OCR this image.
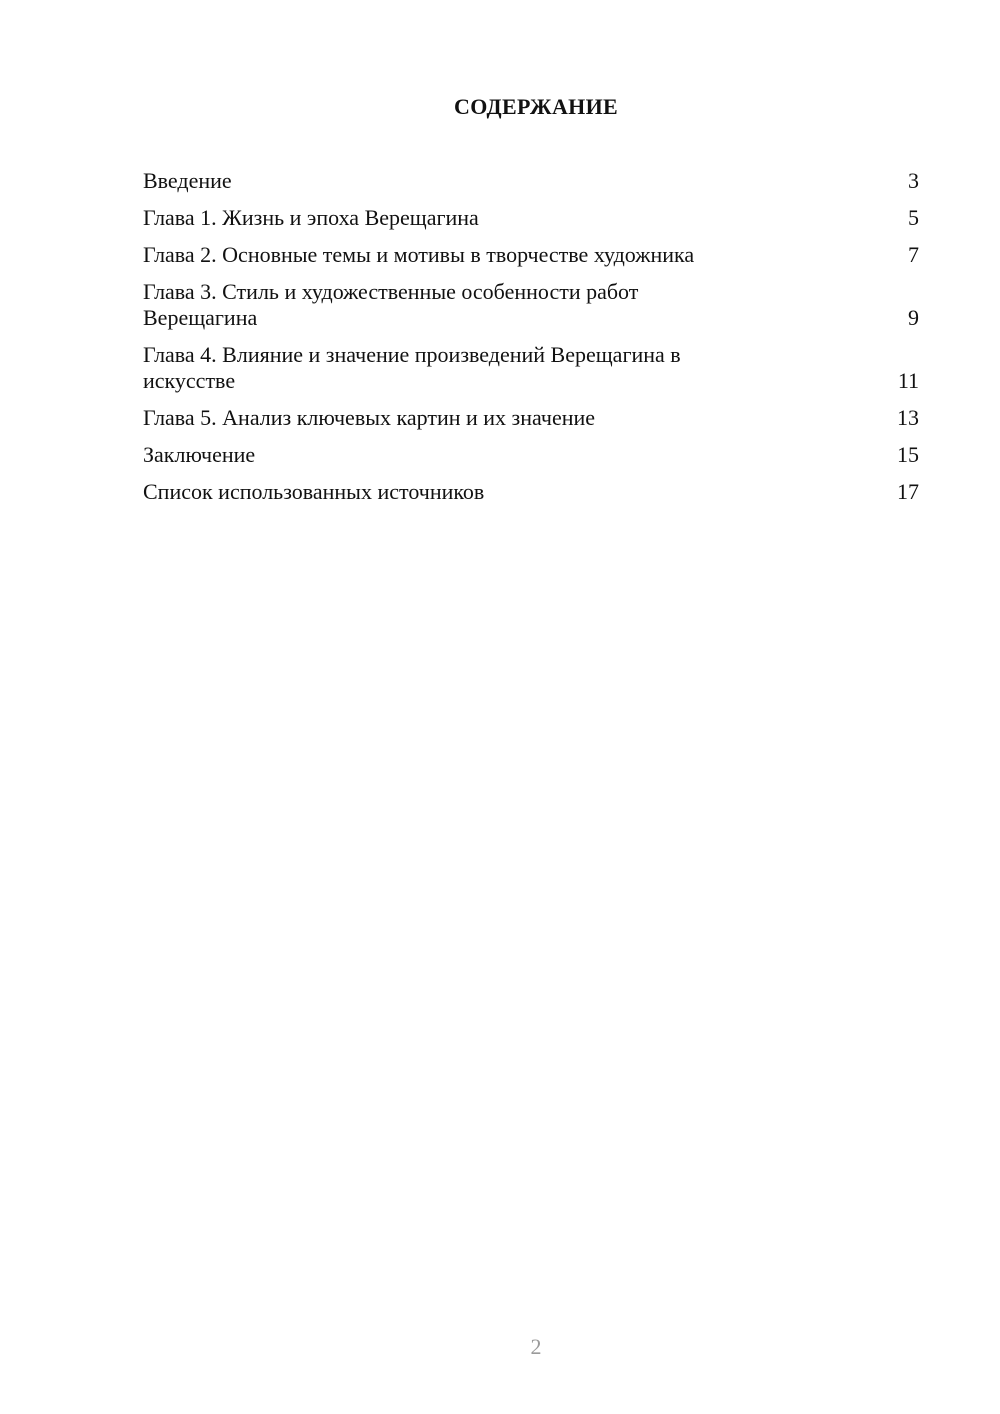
СОДЕРЖАНИЕ
Введение	3
Глава 1. Жизнь и эпоха Верещагина	5
Глава 2. Основные темы и мотивы в творчестве художника	7
Глава 3. Стиль и художественные особенности работ Верещагина	9
Глава 4. Влияние и значение произведений Верещагина в искусстве	11
Глава 5. Анализ ключевых картин и их значение	13
Заключение	15
Список использованных источников	17
2
